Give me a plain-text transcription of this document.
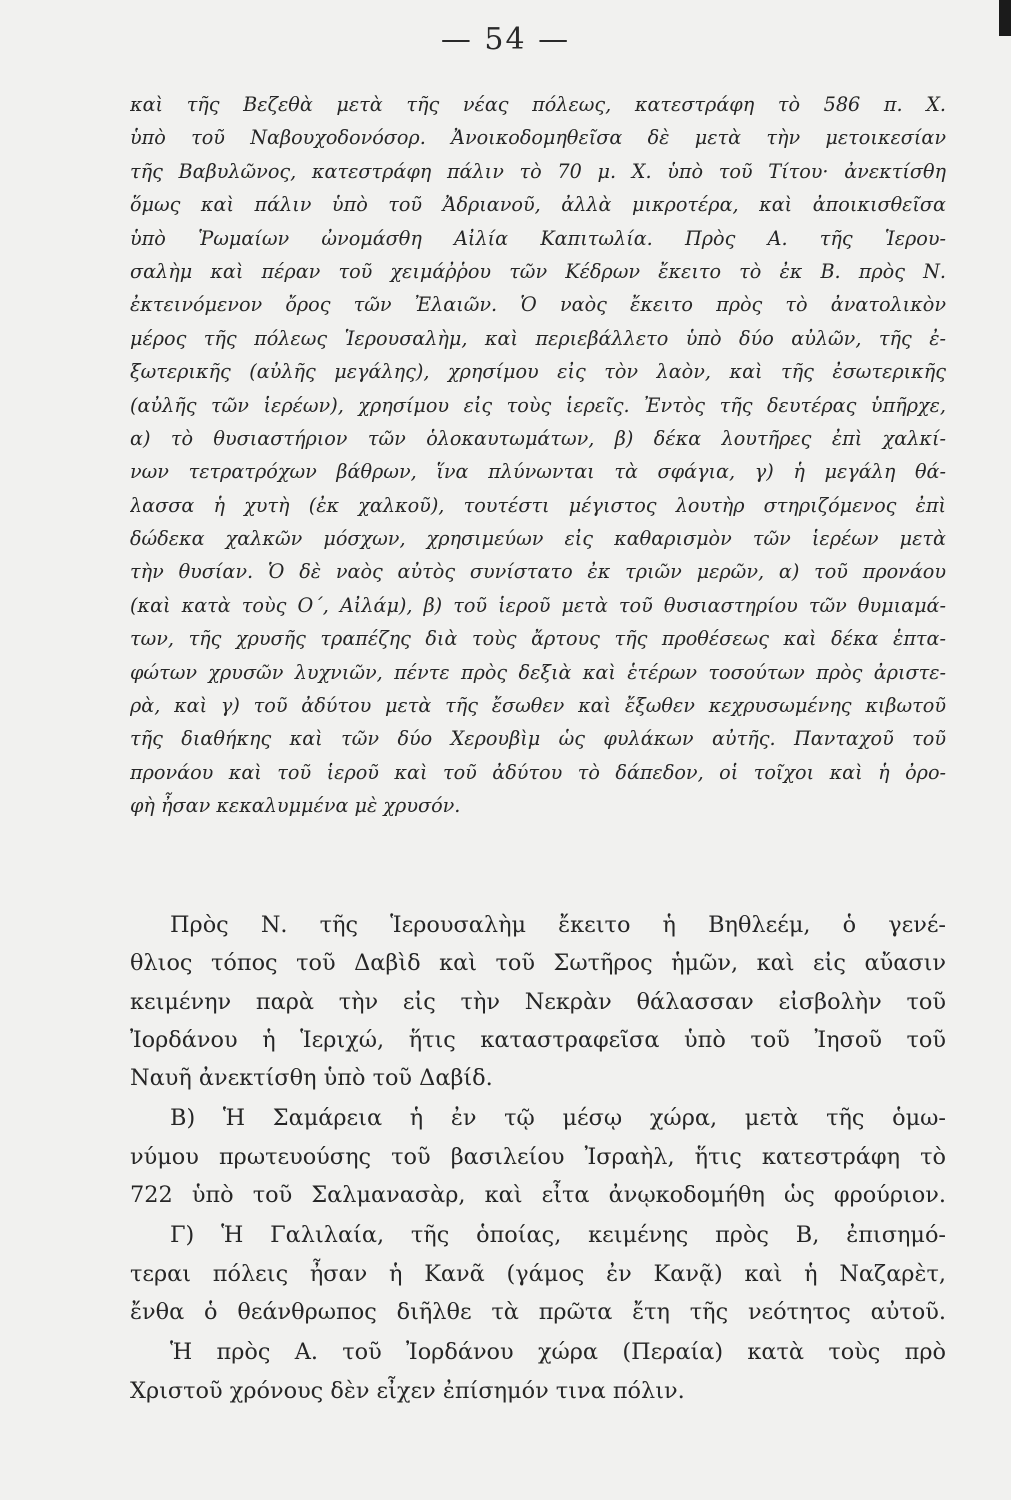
— 54 —
καὶ τῆς Βεζεθὰ μετὰ τῆς νέας πόλεως, κατεστράφη τὸ 586 π. Χ.
ὑπὸ τοῦ Ναβουχοδονόσορ. Ἀνοικοδομηθεῖσα δὲ μετὰ τὴν μετοικεσίαν
τῆς Βαβυλῶνος, κατεστράφη πάλιν τὸ 70 μ. Χ. ὑπὸ τοῦ Τίτου· ἀνεκτίσθη
ὅμως καὶ πάλιν ὑπὸ τοῦ Ἀδριανοῦ, ἀλλὰ μικροτέρα, καὶ ἀποικισθεῖσα
ὑπὸ Ῥωμαίων ὠνομάσθη Αἰλία Καπιτωλία. Πρὸς Α. τῆς Ἱερου-
σαλὴμ καὶ πέραν τοῦ χειμάῤῥου τῶν Κέδρων ἔκειτο τὸ ἐκ Β. πρὸς Ν.
ἐκτεινόμενον ὄρος τῶν Ἐλαιῶν. Ὁ ναὸς ἔκειτο πρὸς τὸ ἀνατολικὸν
μέρος τῆς πόλεως Ἱερουσαλὴμ, καὶ περιεβάλλετο ὑπὸ δύο αὐλῶν, τῆς ἐ-
ξωτερικῆς (αὐλῆς μεγάλης), χρησίμου εἰς τὸν λαὸν, καὶ τῆς ἐσωτερικῆς
(αὐλῆς τῶν ἱερέων), χρησίμου εἰς τοὺς ἱερεῖς. Ἐντὸς τῆς δευτέρας ὑπῆρχε,
α) τὸ θυσιαστήριον τῶν ὁλοκαυτωμάτων, β) δέκα λουτῆρες ἐπὶ χαλκί-
νων τετρατρόχων βάθρων, ἵνα πλύνωνται τὰ σφάγια, γ) ἡ μεγάλη θά-
λασσα ἡ χυτὴ (ἐκ χαλκοῦ), τουτέστι μέγιστος λουτὴρ στηριζόμενος ἐπὶ
δώδεκα χαλκῶν μόσχων, χρησιμεύων εἰς καθαρισμὸν τῶν ἱερέων μετὰ
τὴν θυσίαν. Ὁ δὲ ναὸς αὐτὸς συνίστατο ἐκ τριῶν μερῶν, α) τοῦ προνάου
(καὶ κατὰ τοὺς Ο΄, Αἰλάμ), β) τοῦ ἱεροῦ μετὰ τοῦ θυσιαστηρίου τῶν θυμιαμά-
των, τῆς χρυσῆς τραπέζης διὰ τοὺς ἄρτους τῆς προθέσεως καὶ δέκα ἑπτα-
φώτων χρυσῶν λυχνιῶν, πέντε πρὸς δεξιὰ καὶ ἑτέρων τοσούτων πρὸς ἀριστε-
ρὰ, καὶ γ) τοῦ ἀδύτου μετὰ τῆς ἔσωθεν καὶ ἔξωθεν κεχρυσωμένης κιβωτοῦ
τῆς διαθήκης καὶ τῶν δύο Χερουβὶμ ὡς φυλάκων αὐτῆς. Πανταχοῦ τοῦ
προνάου καὶ τοῦ ἱεροῦ καὶ τοῦ ἀδύτου τὸ δάπεδον, οἱ τοῖχοι καὶ ἡ ὀρο-
φὴ ἦσαν κεκαλυμμένα μὲ χρυσόν.
Πρὸς Ν. τῆς Ἱερουσαλὴμ ἔκειτο ἡ Βηθλεέμ, ὁ γενέ-
θλιος τόπος τοῦ Δαβὶδ καὶ τοῦ Σωτῆρος ἡμῶν, καὶ εἰς αὔασιν
κειμένην παρὰ τὴν εἰς τὴν Νεκρὰν θάλασσαν εἰσβολὴν τοῦ
Ἰορδάνου ἡ Ἱεριχώ, ἥτις καταστραφεῖσα ὑπὸ τοῦ Ἰησοῦ τοῦ
Ναυῆ ἀνεκτίσθη ὑπὸ τοῦ Δαβίδ.
Β) Ἡ Σαμάρεια ἡ ἐν τῷ μέσῳ χώρα, μετὰ τῆς ὁμω-
νύμου πρωτευούσης τοῦ βασιλείου Ἰσραὴλ, ἥτις κατεστράφη τὸ
722 ὑπὸ τοῦ Σαλμανασὰρ, καὶ εἶτα ἀνῳκοδομήθη ὡς φρούριον.
Γ) Ἡ Γαλιλαία, τῆς ὁποίας, κειμένης πρὸς Β, ἐπισημό-
τεραι πόλεις ἦσαν ἡ Κανᾶ (γάμος ἐν Κανᾷ) καὶ ἡ Ναζαρὲτ,
ἔνθα ὁ θεάνθρωπος διῆλθε τὰ πρῶτα ἔτη τῆς νεότητος αὐτοῦ.
Ἡ πρὸς Α. τοῦ Ἰορδάνου χώρα (Περαία) κατὰ τοὺς πρὸ
Χριστοῦ χρόνους δὲν εἶχεν ἐπίσημόν τινα πόλιν.
